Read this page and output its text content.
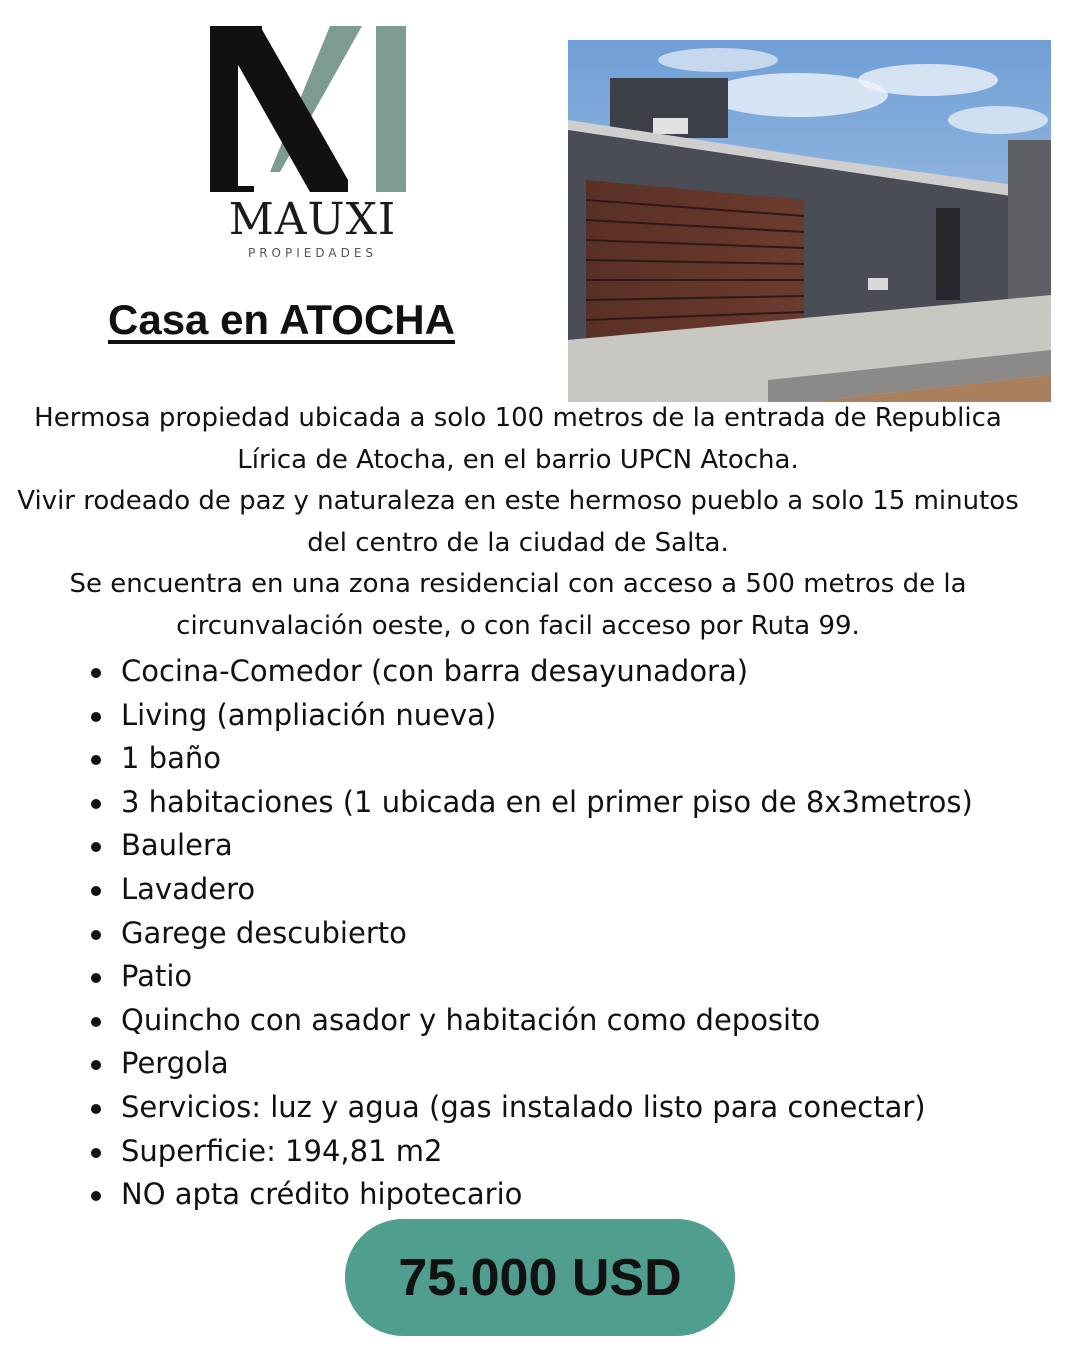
MAUXI
PROPIEDADES
Casa en ATOCHA

Hermosa propiedad ubicada a solo 100 metros de la entrada de Republica Lírica de Atocha, en el barrio UPCN Atocha.

Vivir rodeado de paz y naturaleza en este hermoso pueblo a solo 15 minutos del centro de la ciudad de Salta.

Se encuentra en una zona residencial con acceso a 500 metros de la circunvalación oeste, o con facil acceso por Ruta 99.

Cocina-Comedor (con barra desayunadora)
Living (ampliación nueva)
1 baño
3 habitaciones (1 ubicada en el primer piso de 8x3metros)
Baulera
Lavadero
Garege descubierto
Patio
Quincho con asador y habitación como deposito
Pergola
Servicios: luz y agua (gas instalado listo para conectar)
Superficie: 194,81 m2
NO apta crédito hipotecario
75.000 USD
